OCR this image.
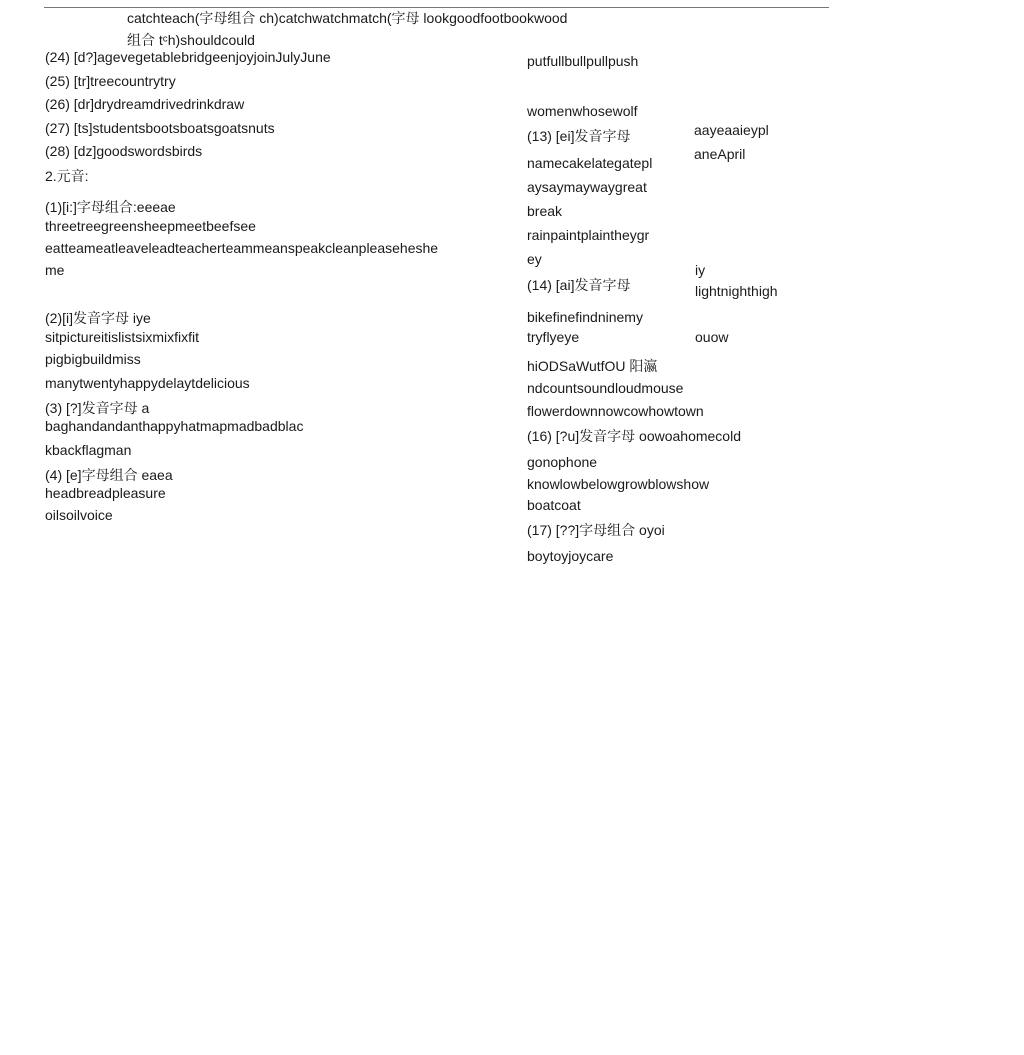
catchteach(字母组合 ch)catchwatchmatch(字母 lookgoodfootbookwood
组合 tᶜh)shouldcould
(24) [d?]agevegetablebridgeenjoyjoinJulyJune
(25) [tr]treecountrytry
(26) [dr]drydreamdrivedrinkdraw
(27) [ts]studentsbootsboatsgoatsnuts
(28) [dz]goodswordsbirds
2.元音:
(1)[i:]字母组合:eeeae
threetreegreensheepmeetbeefsee
eatteameatleaveleadteacherteammeanspeakcleanpleaseheshe
me
(2)[i]发音字母 iye
sitpictureitislistsixmixfixfit
pigbigbuildmiss
manytwentyhappydelaytdelicious
(3) [?]发音字母 a
baghandandanthappyhatmapmadbadblac
kbackflagman
(4) [e]字母组合 eaea
headbreadpleasure
oilsoilvoice
putfullbullpullpush
womenwhosewolf
(13) [ei]发音字母	aayeaaieypl
aneApril
namecakelategatepl
aysaymaywaygreat
break
rainpaintplaintheygr
ey
iy
(14) [ai]发音字母	lightnighthigh
bikefinefindninemy
tryflyeye	ouow
hiODSaWutfOU 阳瀛
ndcountsoundloudmouse
flowerdownnowcowhowtown
(16) [?u]发音字母 oowoahomecold
gonophone
knowlowbelowgrowblowshow
boatcoat
(17) [??]字母组合 oyoi
boytoyjoycare
